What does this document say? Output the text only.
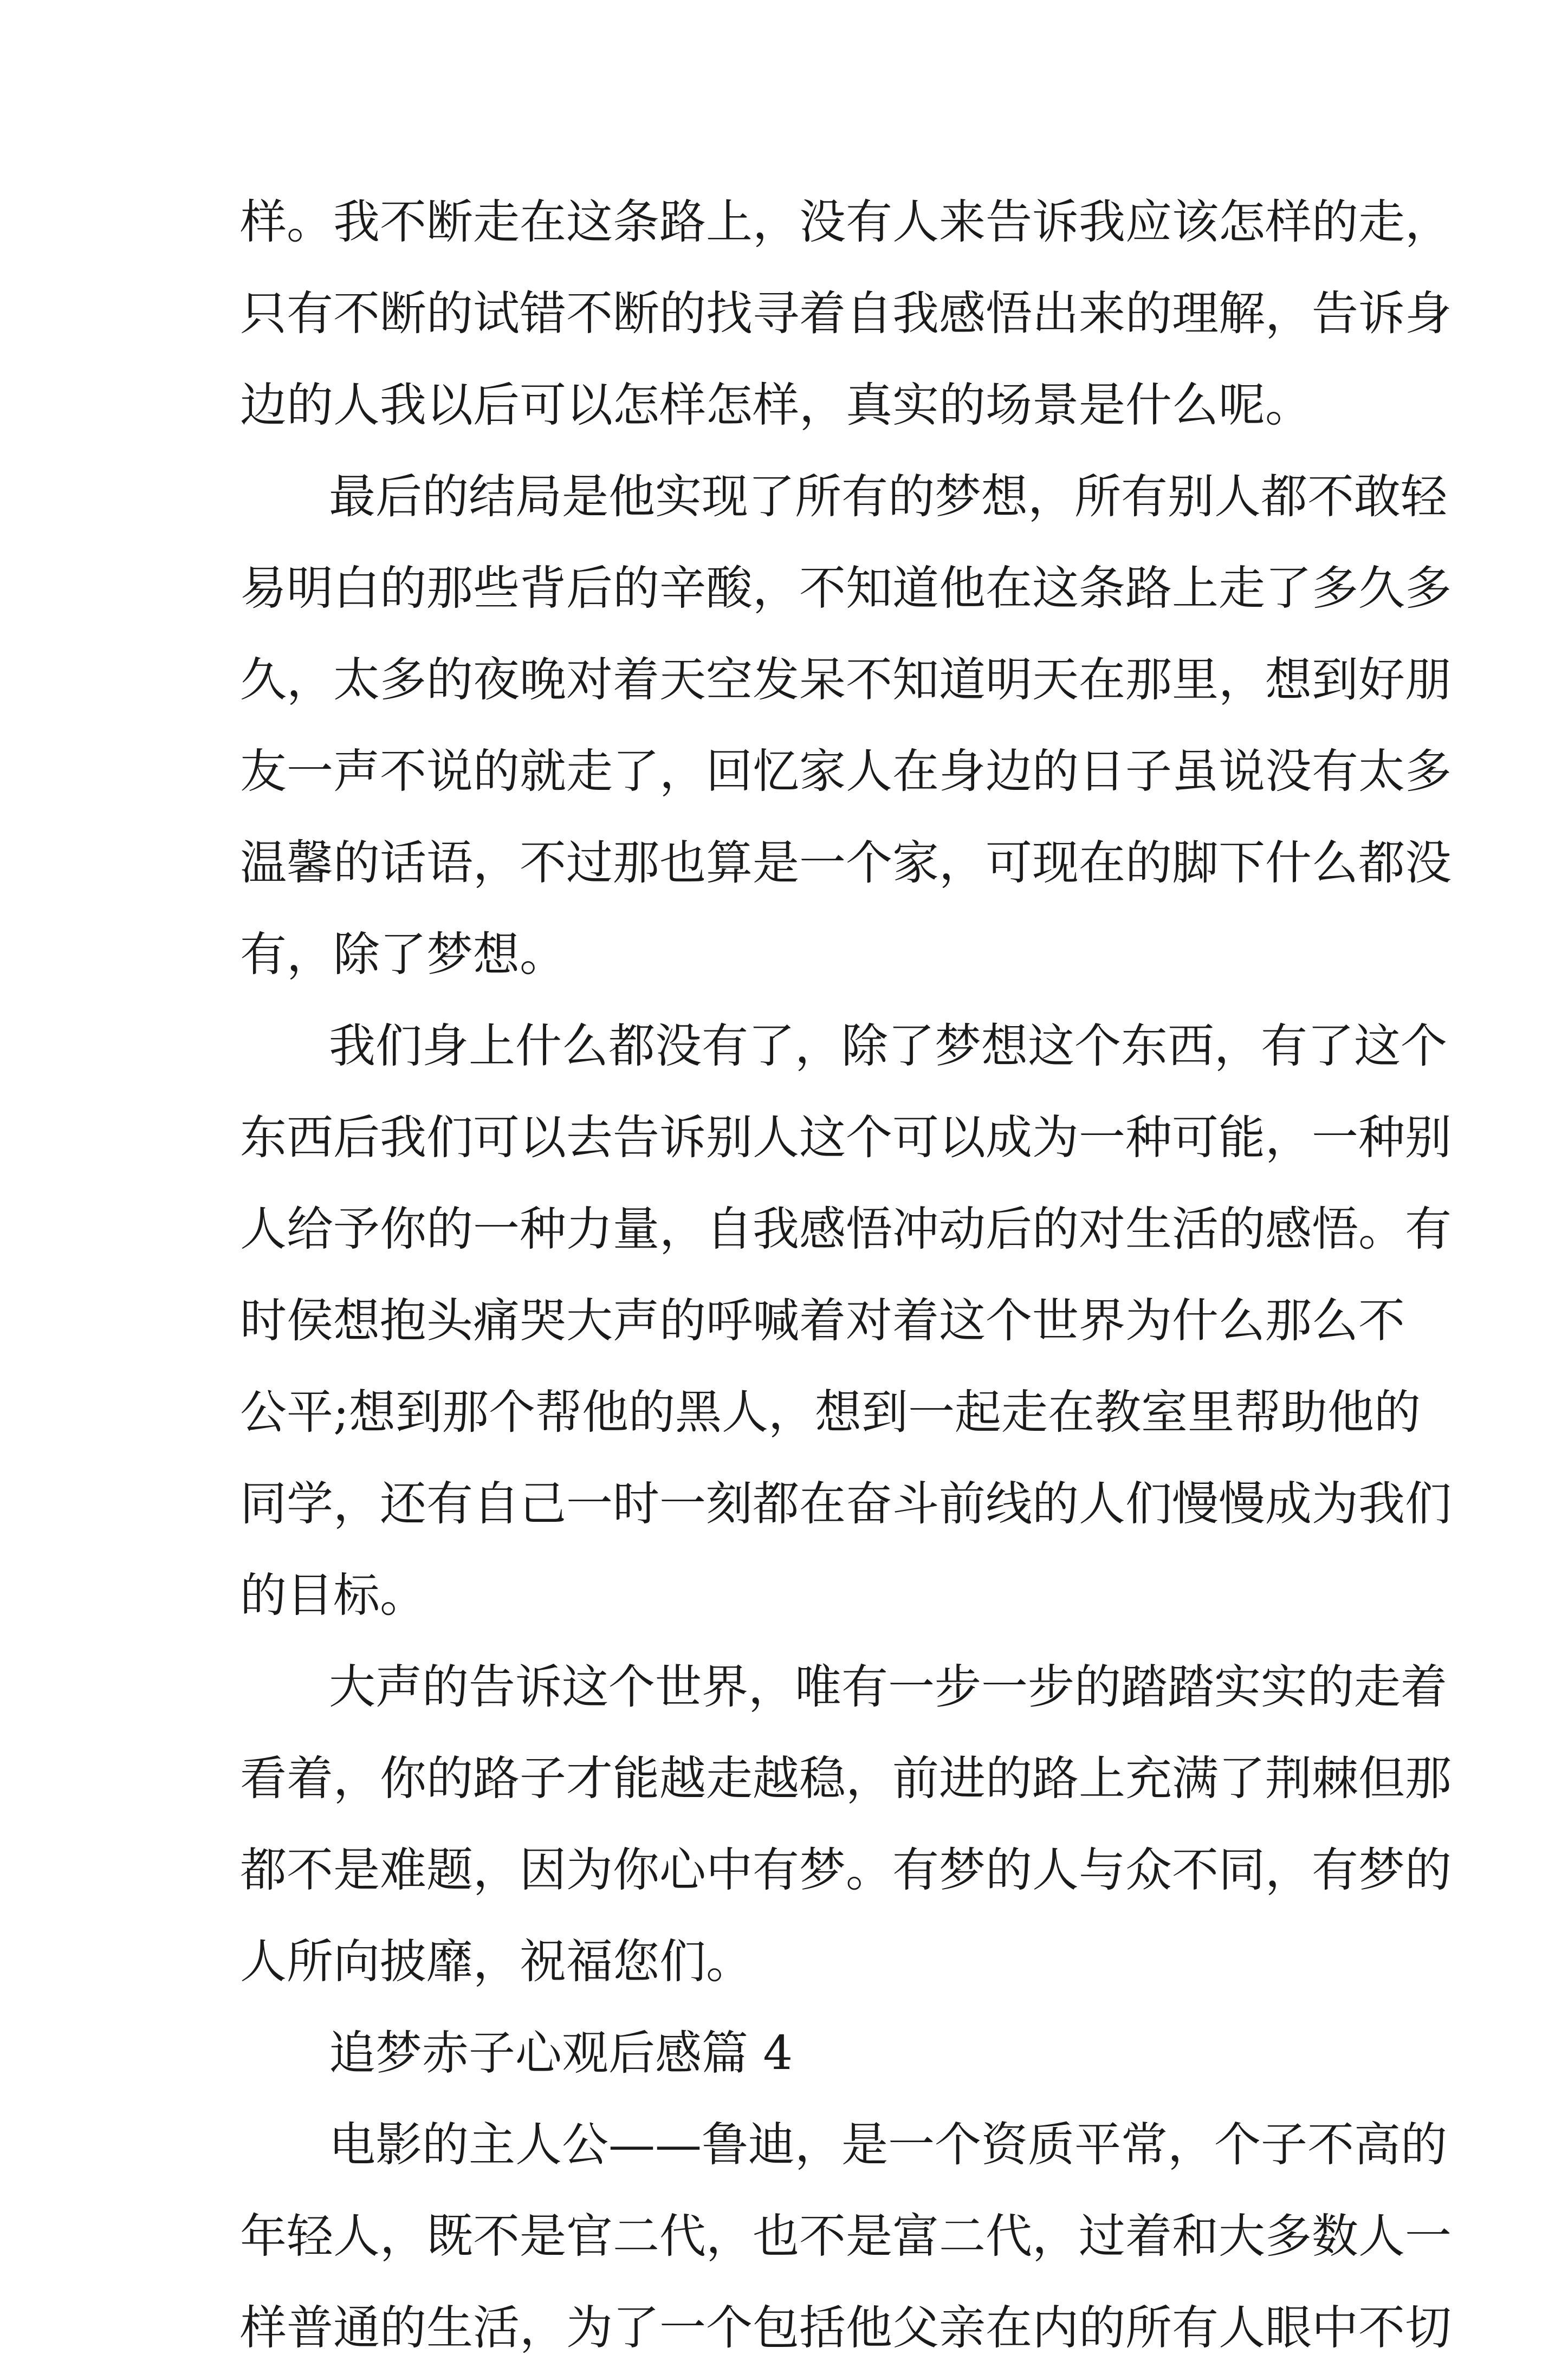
样。我不断走在这条路上，没有人来告诉我应该怎样的走，
只有不断的试错不断的找寻着自我感悟出来的理解，告诉身
边的人我以后可以怎样怎样，真实的场景是什么呢。
最后的结局是他实现了所有的梦想，所有别人都不敢轻
易明白的那些背后的辛酸，不知道他在这条路上走了多久多
久，太多的夜晚对着天空发呆不知道明天在那里，想到好朋
友一声不说的就走了，回忆家人在身边的日子虽说没有太多
温馨的话语，不过那也算是一个家，可现在的脚下什么都没
有，除了梦想。
我们身上什么都没有了，除了梦想这个东西，有了这个
东西后我们可以去告诉别人这个可以成为一种可能，一种别
人给予你的一种力量，自我感悟冲动后的对生活的感悟。有
时侯想抱头痛哭大声的呼喊着对着这个世界为什么那么不
公平;想到那个帮他的黑人，想到一起走在教室里帮助他的
同学，还有自己一时一刻都在奋斗前线的人们慢慢成为我们
的目标。
大声的告诉这个世界，唯有一步一步的踏踏实实的走着
看着，你的路子才能越走越稳，前进的路上充满了荆棘但那
都不是难题，因为你心中有梦。有梦的人与众不同，有梦的
人所向披靡，祝福您们。
追梦赤子心观后感篇 4
电影的主人公——鲁迪，是一个资质平常，个子不高的
年轻人，既不是官二代，也不是富二代，过着和大多数人一
样普通的生活，为了一个包括他父亲在内的所有人眼中不切
